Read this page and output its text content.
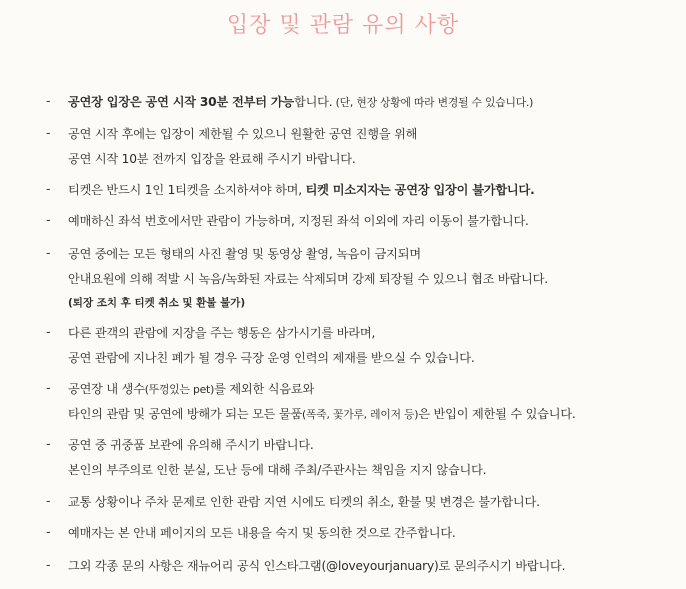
입장 및 관람 유의 사항
- 공연장 입장은 공연 시작 30분 전부터 가능합니다. (단, 현장 상황에 따라 변경될 수 있습니다.)
- 공연 시작 후에는 입장이 제한될 수 있으니 원활한 공연 진행을 위해
공연 시작 10분 전까지 입장을 완료해 주시기 바랍니다.
- 티켓은 반드시 1인 1티켓을 소지하셔야 하며, 티켓 미소지자는 공연장 입장이 불가합니다.
- 예매하신 좌석 번호에서만 관람이 가능하며, 지정된 좌석 이외에 자리 이동이 불가합니다.
- 공연 중에는 모든 형태의 사진 촬영 및 동영상 촬영, 녹음이 금지되며
안내요원에 의해 적발 시 녹음/녹화된 자료는 삭제되며 강제 퇴장될 수 있으니 협조 바랍니다.
(퇴장 조치 후 티켓 취소 및 환불 불가)
- 다른 관객의 관람에 지장을 주는 행동은 삼가시기를 바라며,
공연 관람에 지나친 폐가 될 경우 극장 운영 인력의 제재를 받으실 수 있습니다.
- 공연장 내 생수(뚜껑있는 pet)를 제외한 식음료와
타인의 관람 및 공연에 방해가 되는 모든 물품(폭죽, 꽃가루, 레이저 등)은 반입이 제한될 수 있습니다.
- 공연 중 귀중품 보관에 유의해 주시기 바랍니다.
본인의 부주의로 인한 분실, 도난 등에 대해 주최/주관사는 책임을 지지 않습니다.
- 교통 상황이나 주차 문제로 인한 관람 지연 시에도 티켓의 취소, 환불 및 변경은 불가합니다.
- 예매자는 본 안내 페이지의 모든 내용을 숙지 및 동의한 것으로 간주합니다.
- 그외 각종 문의 사항은 재뉴어리 공식 인스타그램(@loveyourjanuary)로 문의주시기 바랍니다.
